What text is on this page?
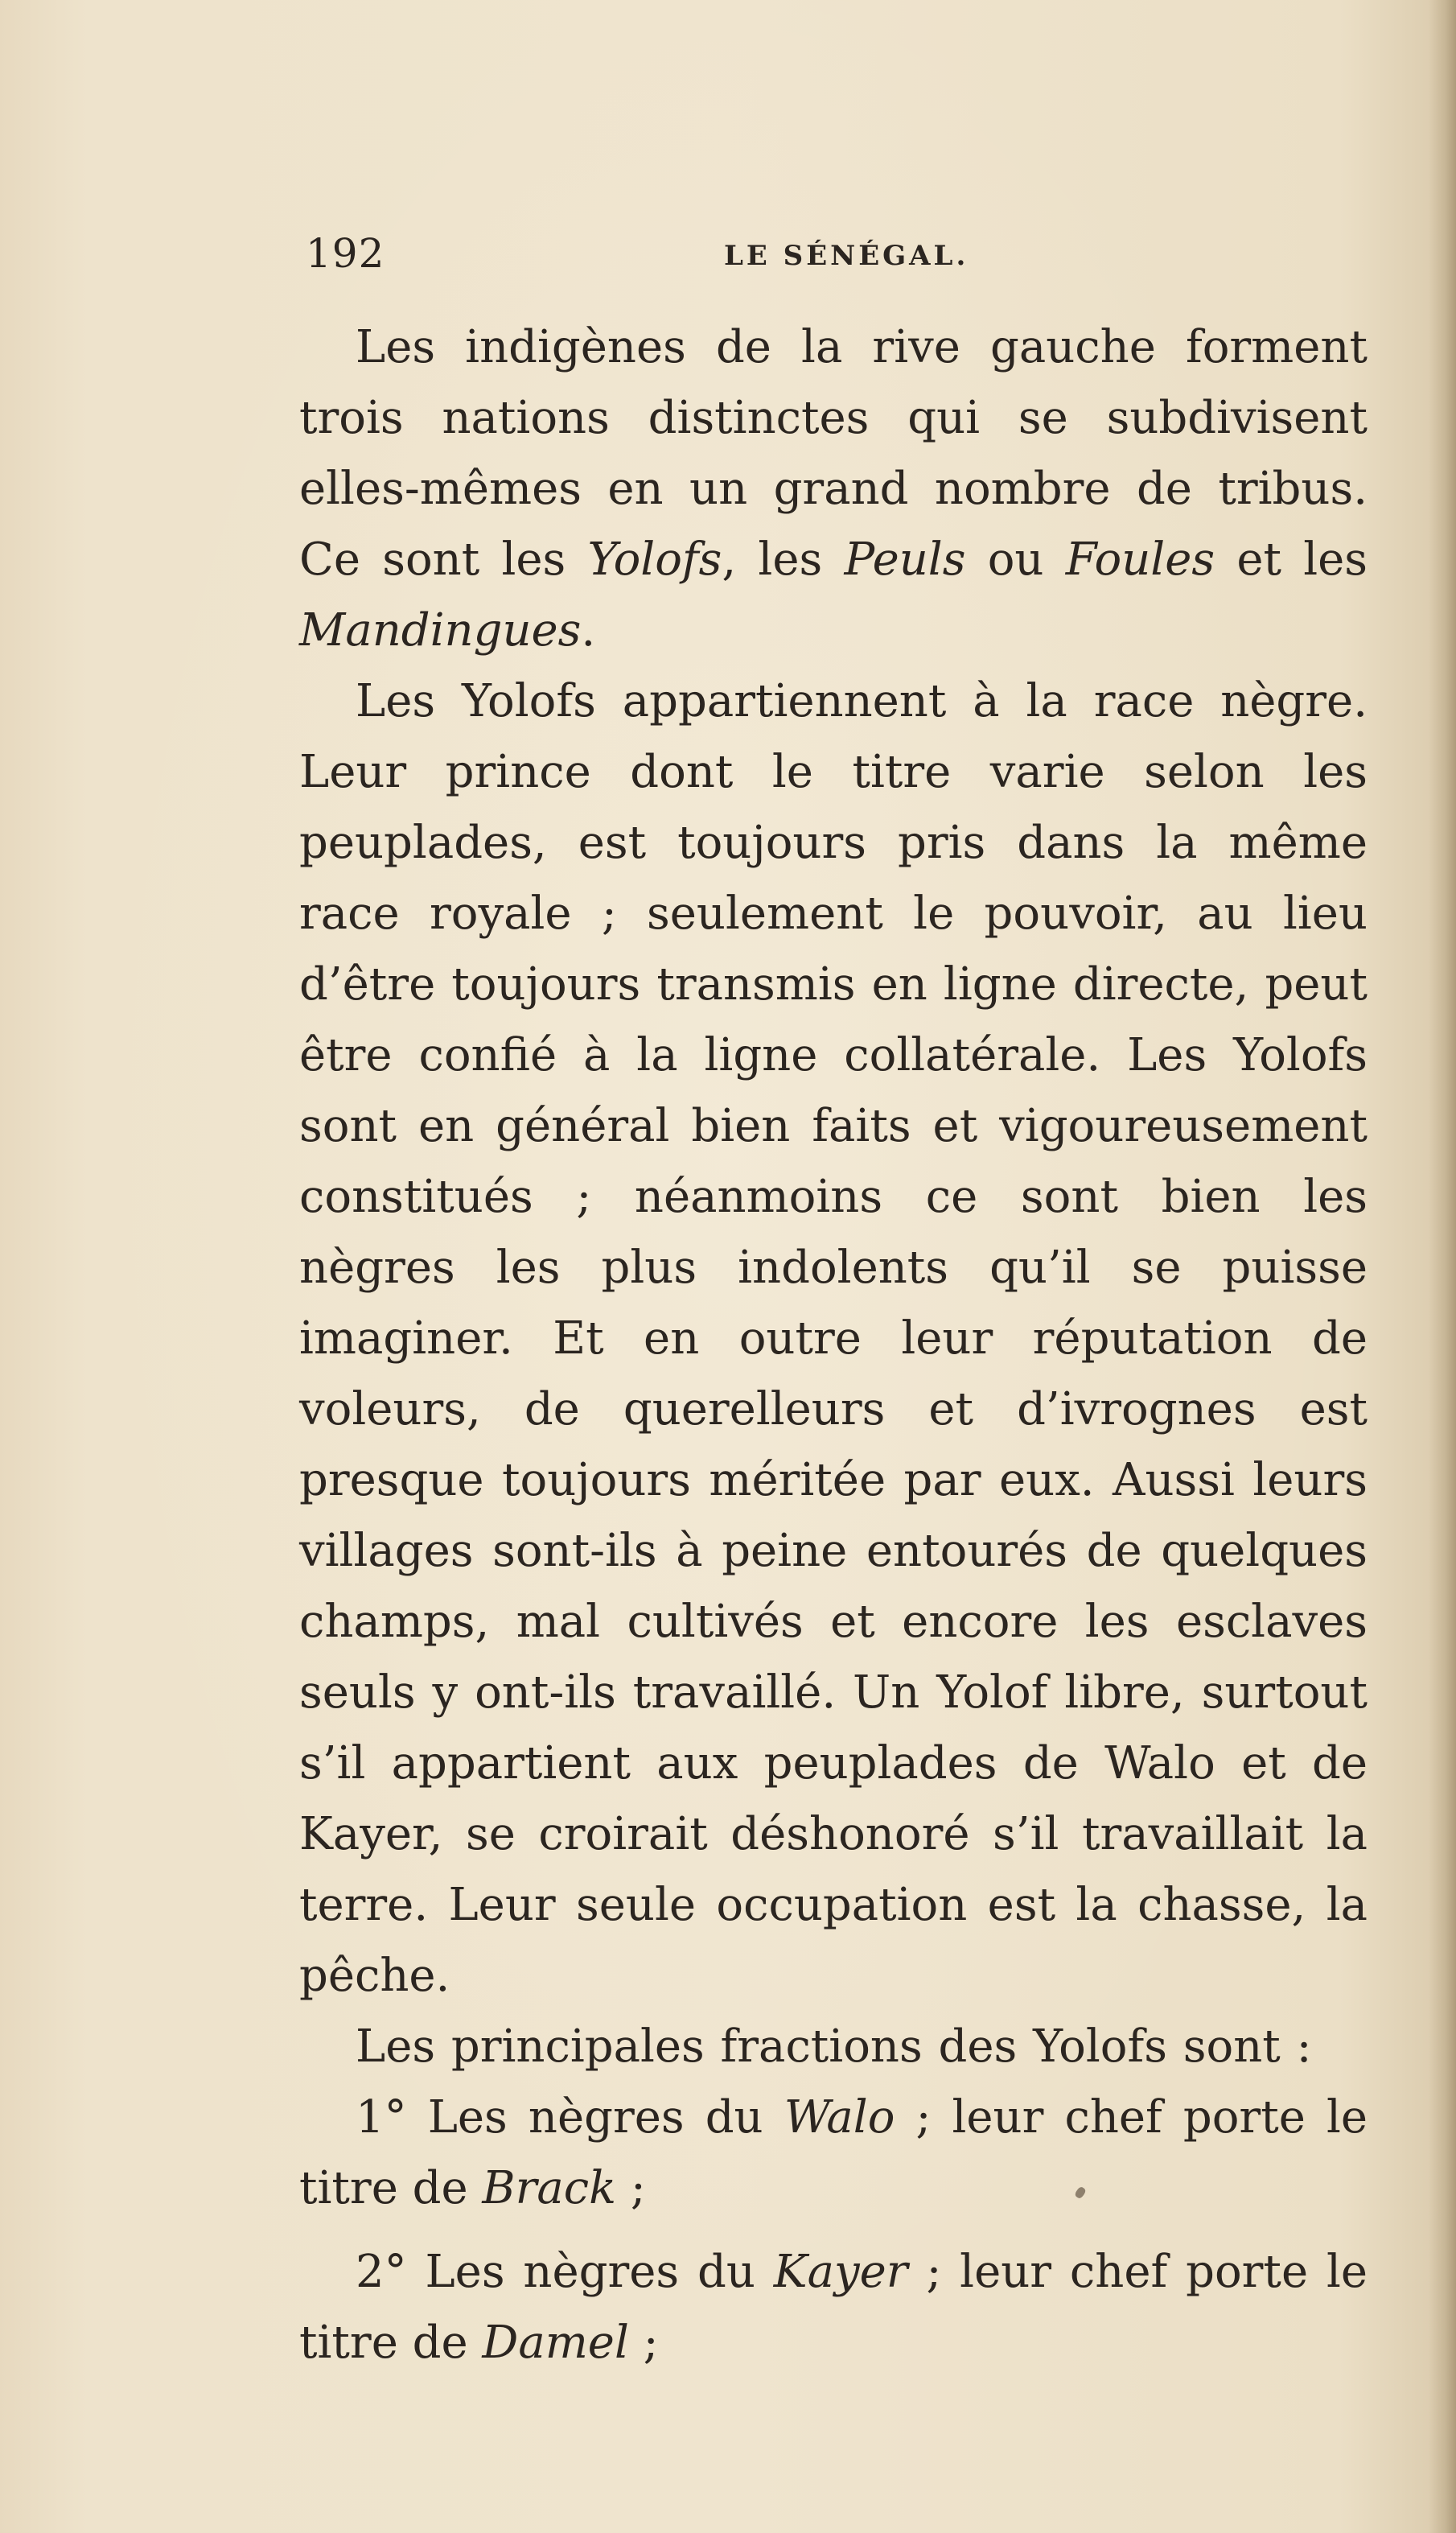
192	LE SÉNÉGAL.

Les indigènes de la rive gauche forment trois nations distinctes qui se subdivisent elles-mêmes en un grand nombre de tribus. Ce sont les Yolofs, les Peuls ou Foules et les Mandingues.

Les Yolofs appartiennent à la race nègre. Leur prince dont le titre varie selon les peuplades, est toujours pris dans la même race royale ; seulement le pouvoir, au lieu d’être toujours transmis en ligne directe, peut être confié à la ligne collatérale. Les Yolofs sont en général bien faits et vigoureusement constitués ; néanmoins ce sont bien les nègres les plus indolents qu’il se puisse imaginer. Et en outre leur réputation de voleurs, de querelleurs et d’ivrognes est presque toujours méritée par eux. Aussi leurs villages sont-ils à peine entourés de quelques champs, mal cultivés et encore les esclaves seuls y ont-ils travaillé. Un Yolof libre, surtout s’il appartient aux peuplades de Walo et de Kayer, se croirait déshonoré s’il travaillait la terre. Leur seule occupation est la chasse, la pêche.

Les principales fractions des Yolofs sont :

1° Les nègres du Walo ; leur chef porte le titre de Brack ;

2° Les nègres du Kayer ; leur chef porte le titre de Damel ;
